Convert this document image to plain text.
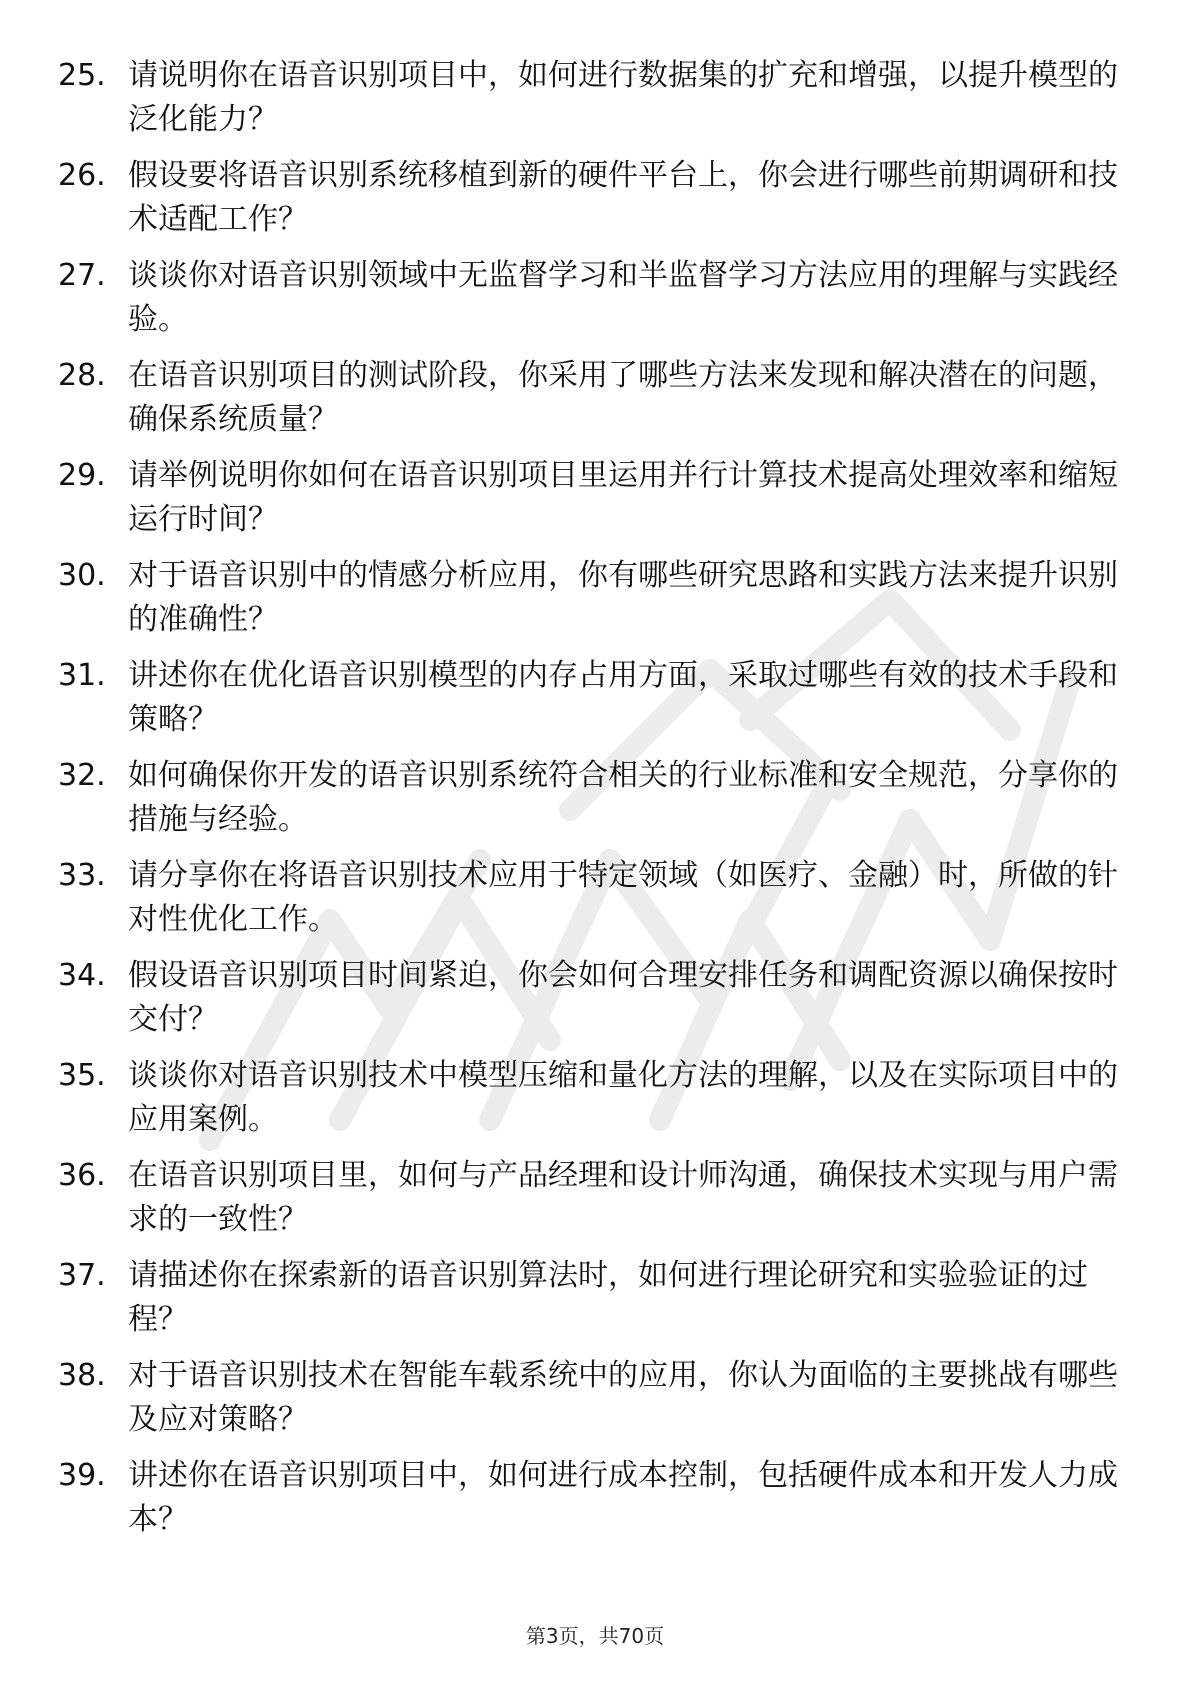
25. 请说明你在语音识别项目中，如何进行数据集的扩充和增强，以提升模型的泛化能力？
26. 假设要将语音识别系统移植到新的硬件平台上，你会进行哪些前期调研和技术适配工作？
27. 谈谈你对语音识别领域中无监督学习和半监督学习方法应用的理解与实践经验。
28. 在语音识别项目的测试阶段，你采用了哪些方法来发现和解决潜在的问题，确保系统质量？
29. 请举例说明你如何在语音识别项目里运用并行计算技术提高处理效率和缩短运行时间？
30. 对于语音识别中的情感分析应用，你有哪些研究思路和实践方法来提升识别的准确性？
31. 讲述你在优化语音识别模型的内存占用方面，采取过哪些有效的技术手段和策略？
32. 如何确保你开发的语音识别系统符合相关的行业标准和安全规范，分享你的措施与经验。
33. 请分享你在将语音识别技术应用于特定领域（如医疗、金融）时，所做的针对性优化工作。
34. 假设语音识别项目时间紧迫，你会如何合理安排任务和调配资源以确保按时交付？
35. 谈谈你对语音识别技术中模型压缩和量化方法的理解，以及在实际项目中的应用案例。
36. 在语音识别项目里，如何与产品经理和设计师沟通，确保技术实现与用户需求的一致性？
37. 请描述你在探索新的语音识别算法时，如何进行理论研究和实验验证的过程？
38. 对于语音识别技术在智能车载系统中的应用，你认为面临的主要挑战有哪些及应对策略？
39. 讲述你在语音识别项目中，如何进行成本控制，包括硬件成本和开发人力成本？
第3页，共70页
